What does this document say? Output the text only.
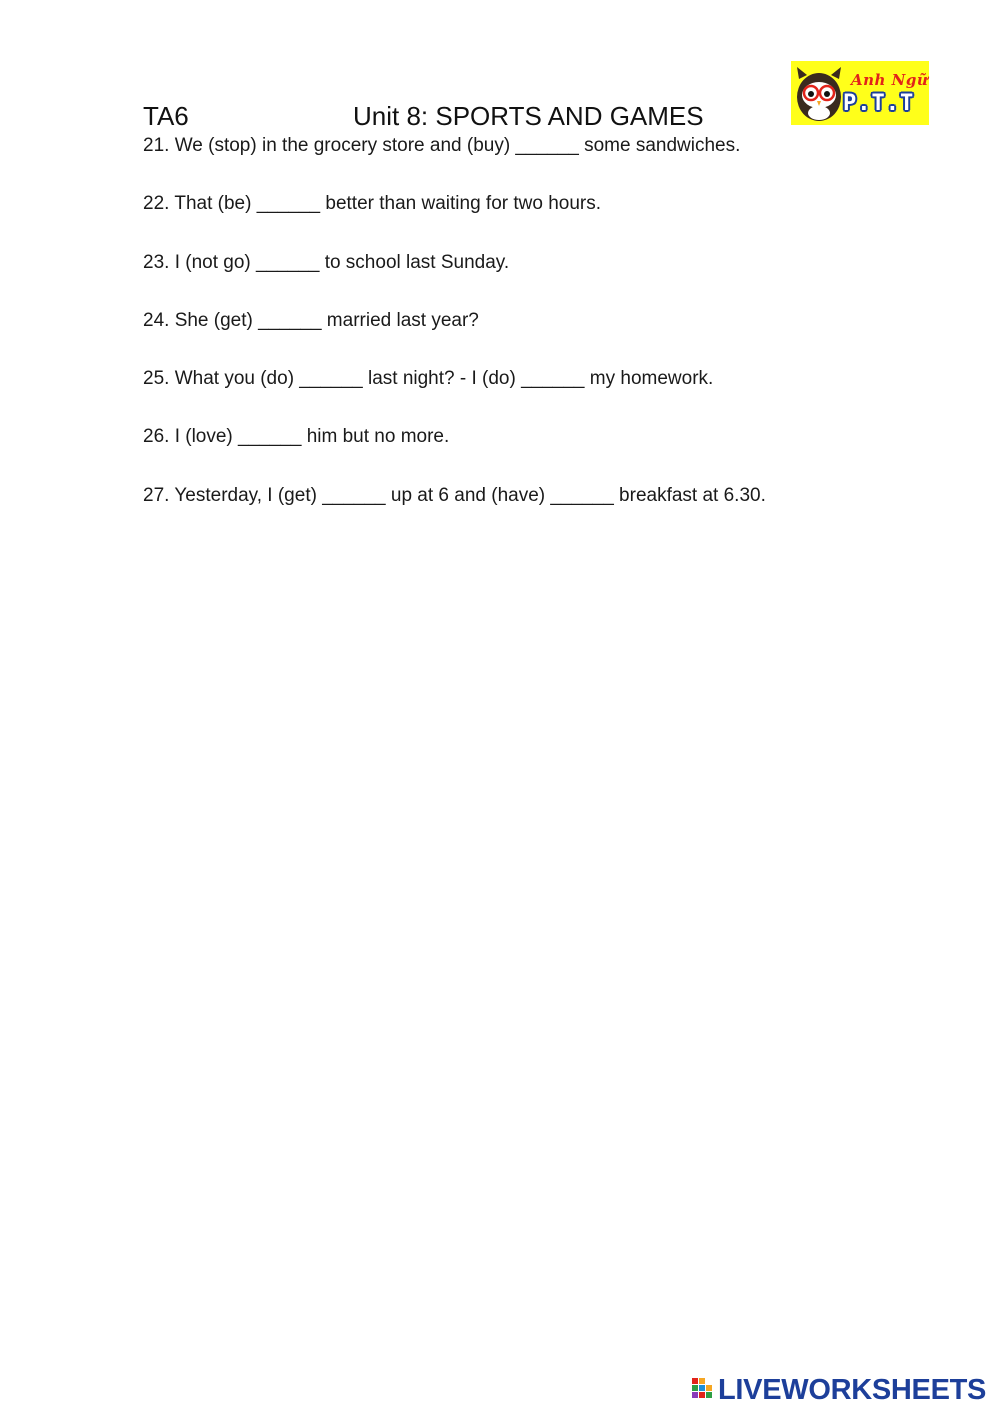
TA6	Unit 8: SPORTS AND GAMES
Anh Ngữ
P.T.T
21. We (stop) in the grocery store and (buy) ______ some sandwiches.
22. That (be) ______ better than waiting for two hours.
23. I (not go) ______ to school last Sunday.
24. She (get) ______ married last year?
25. What you (do) ______ last night? - I (do) ______ my homework.
26. I (love) ______ him but no more.
27. Yesterday, I (get) ______ up at 6 and (have) ______ breakfast at 6.30.
LIVEWORKSHEETS
